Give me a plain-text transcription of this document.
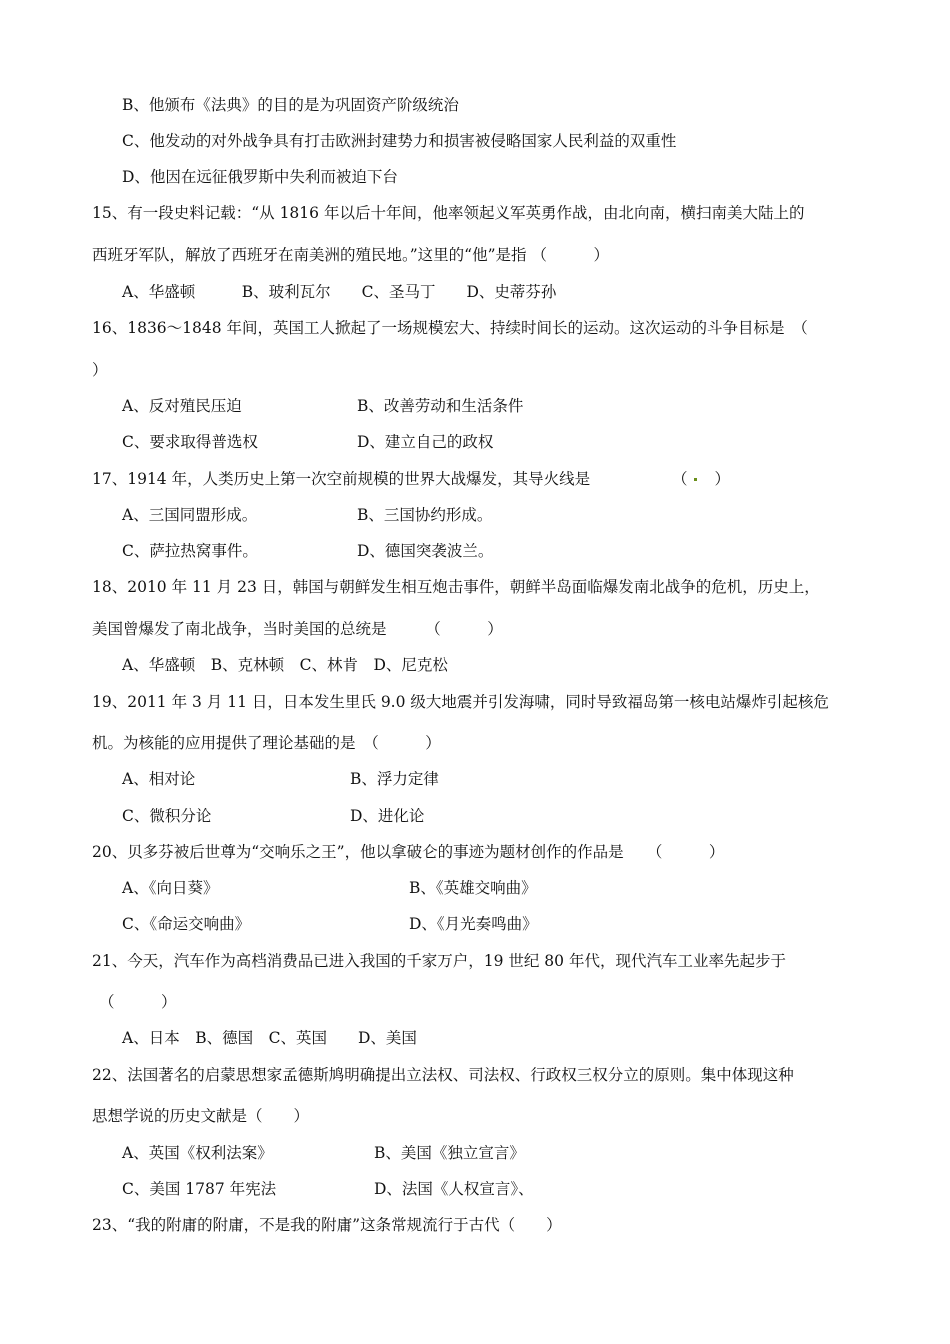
B、他颁布《法典》的目的是为巩固资产阶级统治
C、他发动的对外战争具有打击欧洲封建势力和损害被侵略国家人民利益的双重性
D、他因在远征俄罗斯中失利而被迫下台
15、有一段史料记载：“从 1816 年以后十年间，他率领起义军英勇作战，由北向南，横扫南美大陆上的
西班牙军队，解放了西班牙在南美洲的殖民地。”这里的“他”是指 （　　　）
A、华盛顿　　　B、玻利瓦尔　　C、圣马丁　　D、史蒂芬孙
16、1836～1848 年间，英国工人掀起了一场规模宏大、持续时间长的运动。这次运动的斗争目标是　（
）
A、反对殖民压迫	B、改善劳动和生活条件
C、要求取得普选权	D、建立自己的政权
17、1914 年，人类历史上第一次空前规模的世界大战爆发，其导火线是	（ ）
A、三国同盟形成。	B、三国协约形成。
C、萨拉热窝事件。	D、德国突袭波兰。
18、2010 年 11 月 23 日，韩国与朝鲜发生相互炮击事件，朝鲜半岛面临爆发南北战争的危机，历史上，
美国曾爆发了南北战争，当时美国的总统是　　　（　　　）
A、华盛顿　B、克林顿　C、林肯　D、尼克松
19、2011 年 3 月 11 日，日本发生里氏 9.0 级大地震并引发海啸，同时导致福岛第一核电站爆炸引起核危
机。为核能的应用提供了理论基础的是　（　　　）
A、相对论	B、浮力定律
C、微积分论	D、进化论
20、贝多芬被后世尊为“交响乐之王”，他以拿破仑的事迹为题材创作的作品是　　（　　　）
A、《向日葵》	B、《英雄交响曲》
C、《命运交响曲》	D、《月光奏鸣曲》
21、今天，汽车作为高档消费品已进入我国的千家万户，19 世纪 80 年代，现代汽车工业率先起步于
（　　　）
A、日本　B、德国　C、英国　　D、美国
22、法国著名的启蒙思想家孟德斯鸠明确提出立法权、司法权、行政权三权分立的原则。集中体现这种
思想学说的历史文献是（　　）
A、英国《权利法案》	B、美国《独立宣言》
C、美国 1787 年宪法	D、法国《人权宣言》、
23、“我的附庸的附庸，不是我的附庸”这条常规流行于古代（　　）
